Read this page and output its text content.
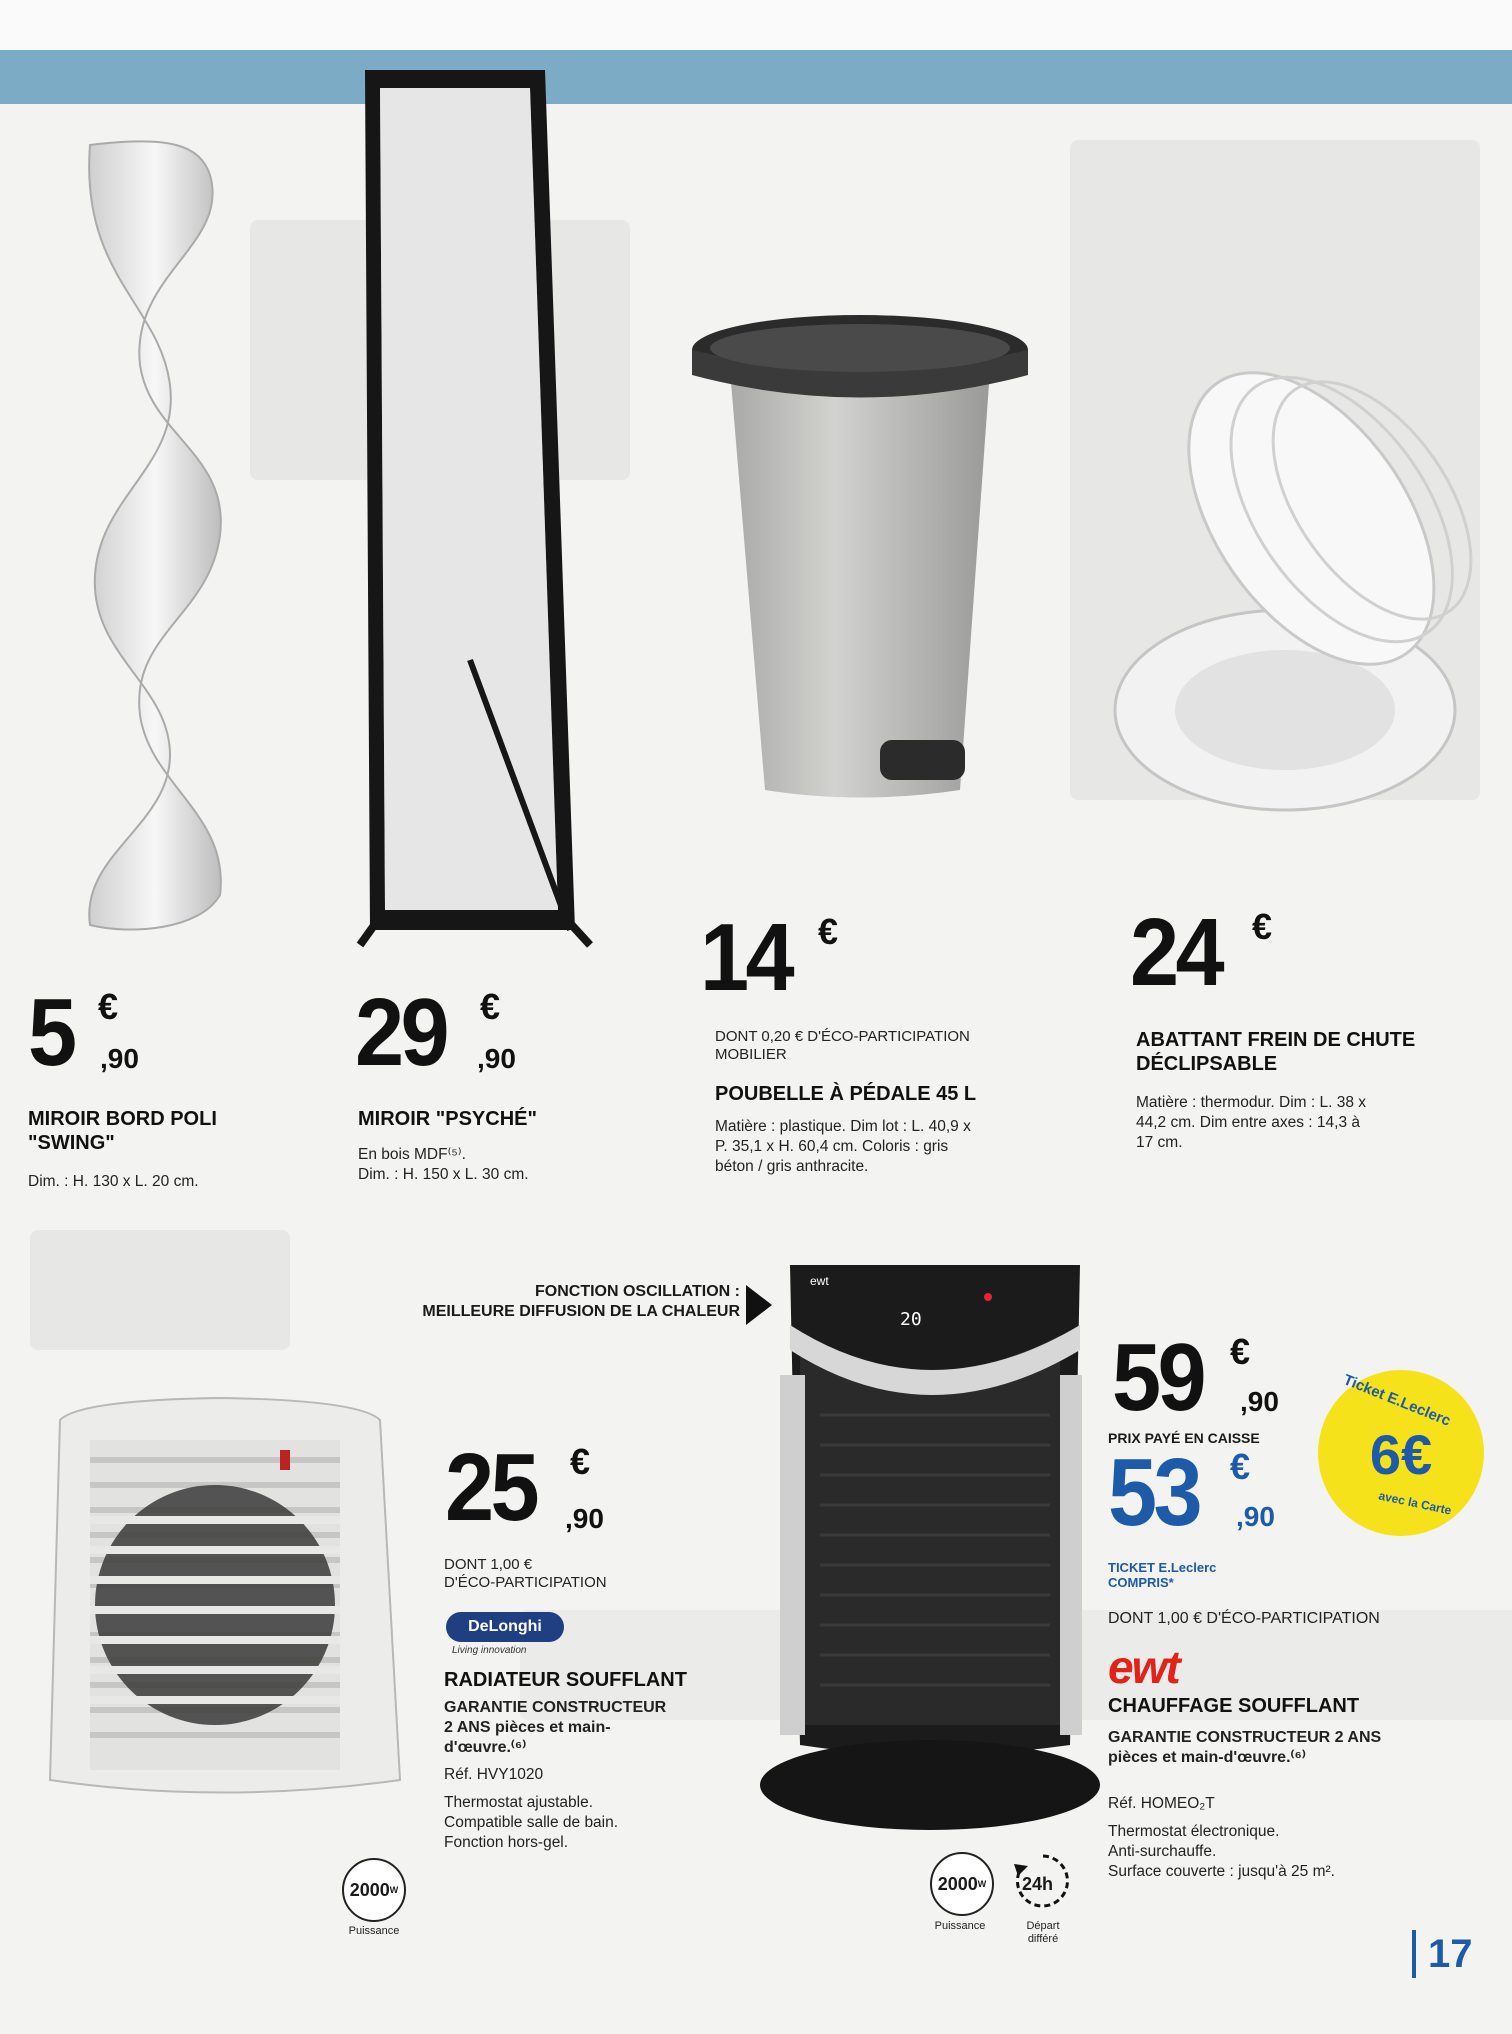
5 €
,90
MIROIR BORD POLI
"SWING"
Dim. : H. 130 x L. 20 cm.
29 €
,90
MIROIR "PSYCHÉ"
En bois MDF⁽⁵⁾.
Dim. : H. 150 x L. 30 cm.
14 €
DONT 0,20 € D'ÉCO-PARTICIPATION
MOBILIER
POUBELLE À PÉDALE 45 L
Matière : plastique. Dim lot : L. 40,9 x
P. 35,1 x H. 60,4 cm. Coloris : gris
béton / gris anthracite.
24 €
ABATTANT FREIN DE CHUTE
DÉCLIPSABLE
Matière : thermodur. Dim : L. 38 x
44,2 cm. Dim entre axes : 14,3 à
17 cm.
25 €
,90
DONT 1,00 €
D'ÉCO-PARTICIPATION
DeLonghi
Living innovation
RADIATEUR SOUFFLANT
GARANTIE CONSTRUCTEUR
2 ANS pièces et main-
d'œuvre.⁽⁶⁾
Réf. HVY1020
Thermostat ajustable.
Compatible salle de bain.
Fonction hors-gel.
2000 W
Puissance
FONCTION OSCILLATION :
MEILLEURE DIFFUSION DE LA CHALEUR	20
ewt
59 €
,90
PRIX PAYÉ EN CAISSE
53 €
,90
TICKET E.Leclerc
COMPRIS*
DONT 1,00 € D'ÉCO-PARTICIPATION
Ticket E.Leclerc
6€
avec la Carte
ewt
CHAUFFAGE SOUFFLANT
GARANTIE CONSTRUCTEUR 2 ANS
pièces et main-d'œuvre.⁽⁶⁾
Réf. HOMEO₂T
Thermostat électronique.
Anti-surchauffe.
Surface couverte : jusqu'à 25 m².
2000 W
Puissance
24h
Départ
différé	17
